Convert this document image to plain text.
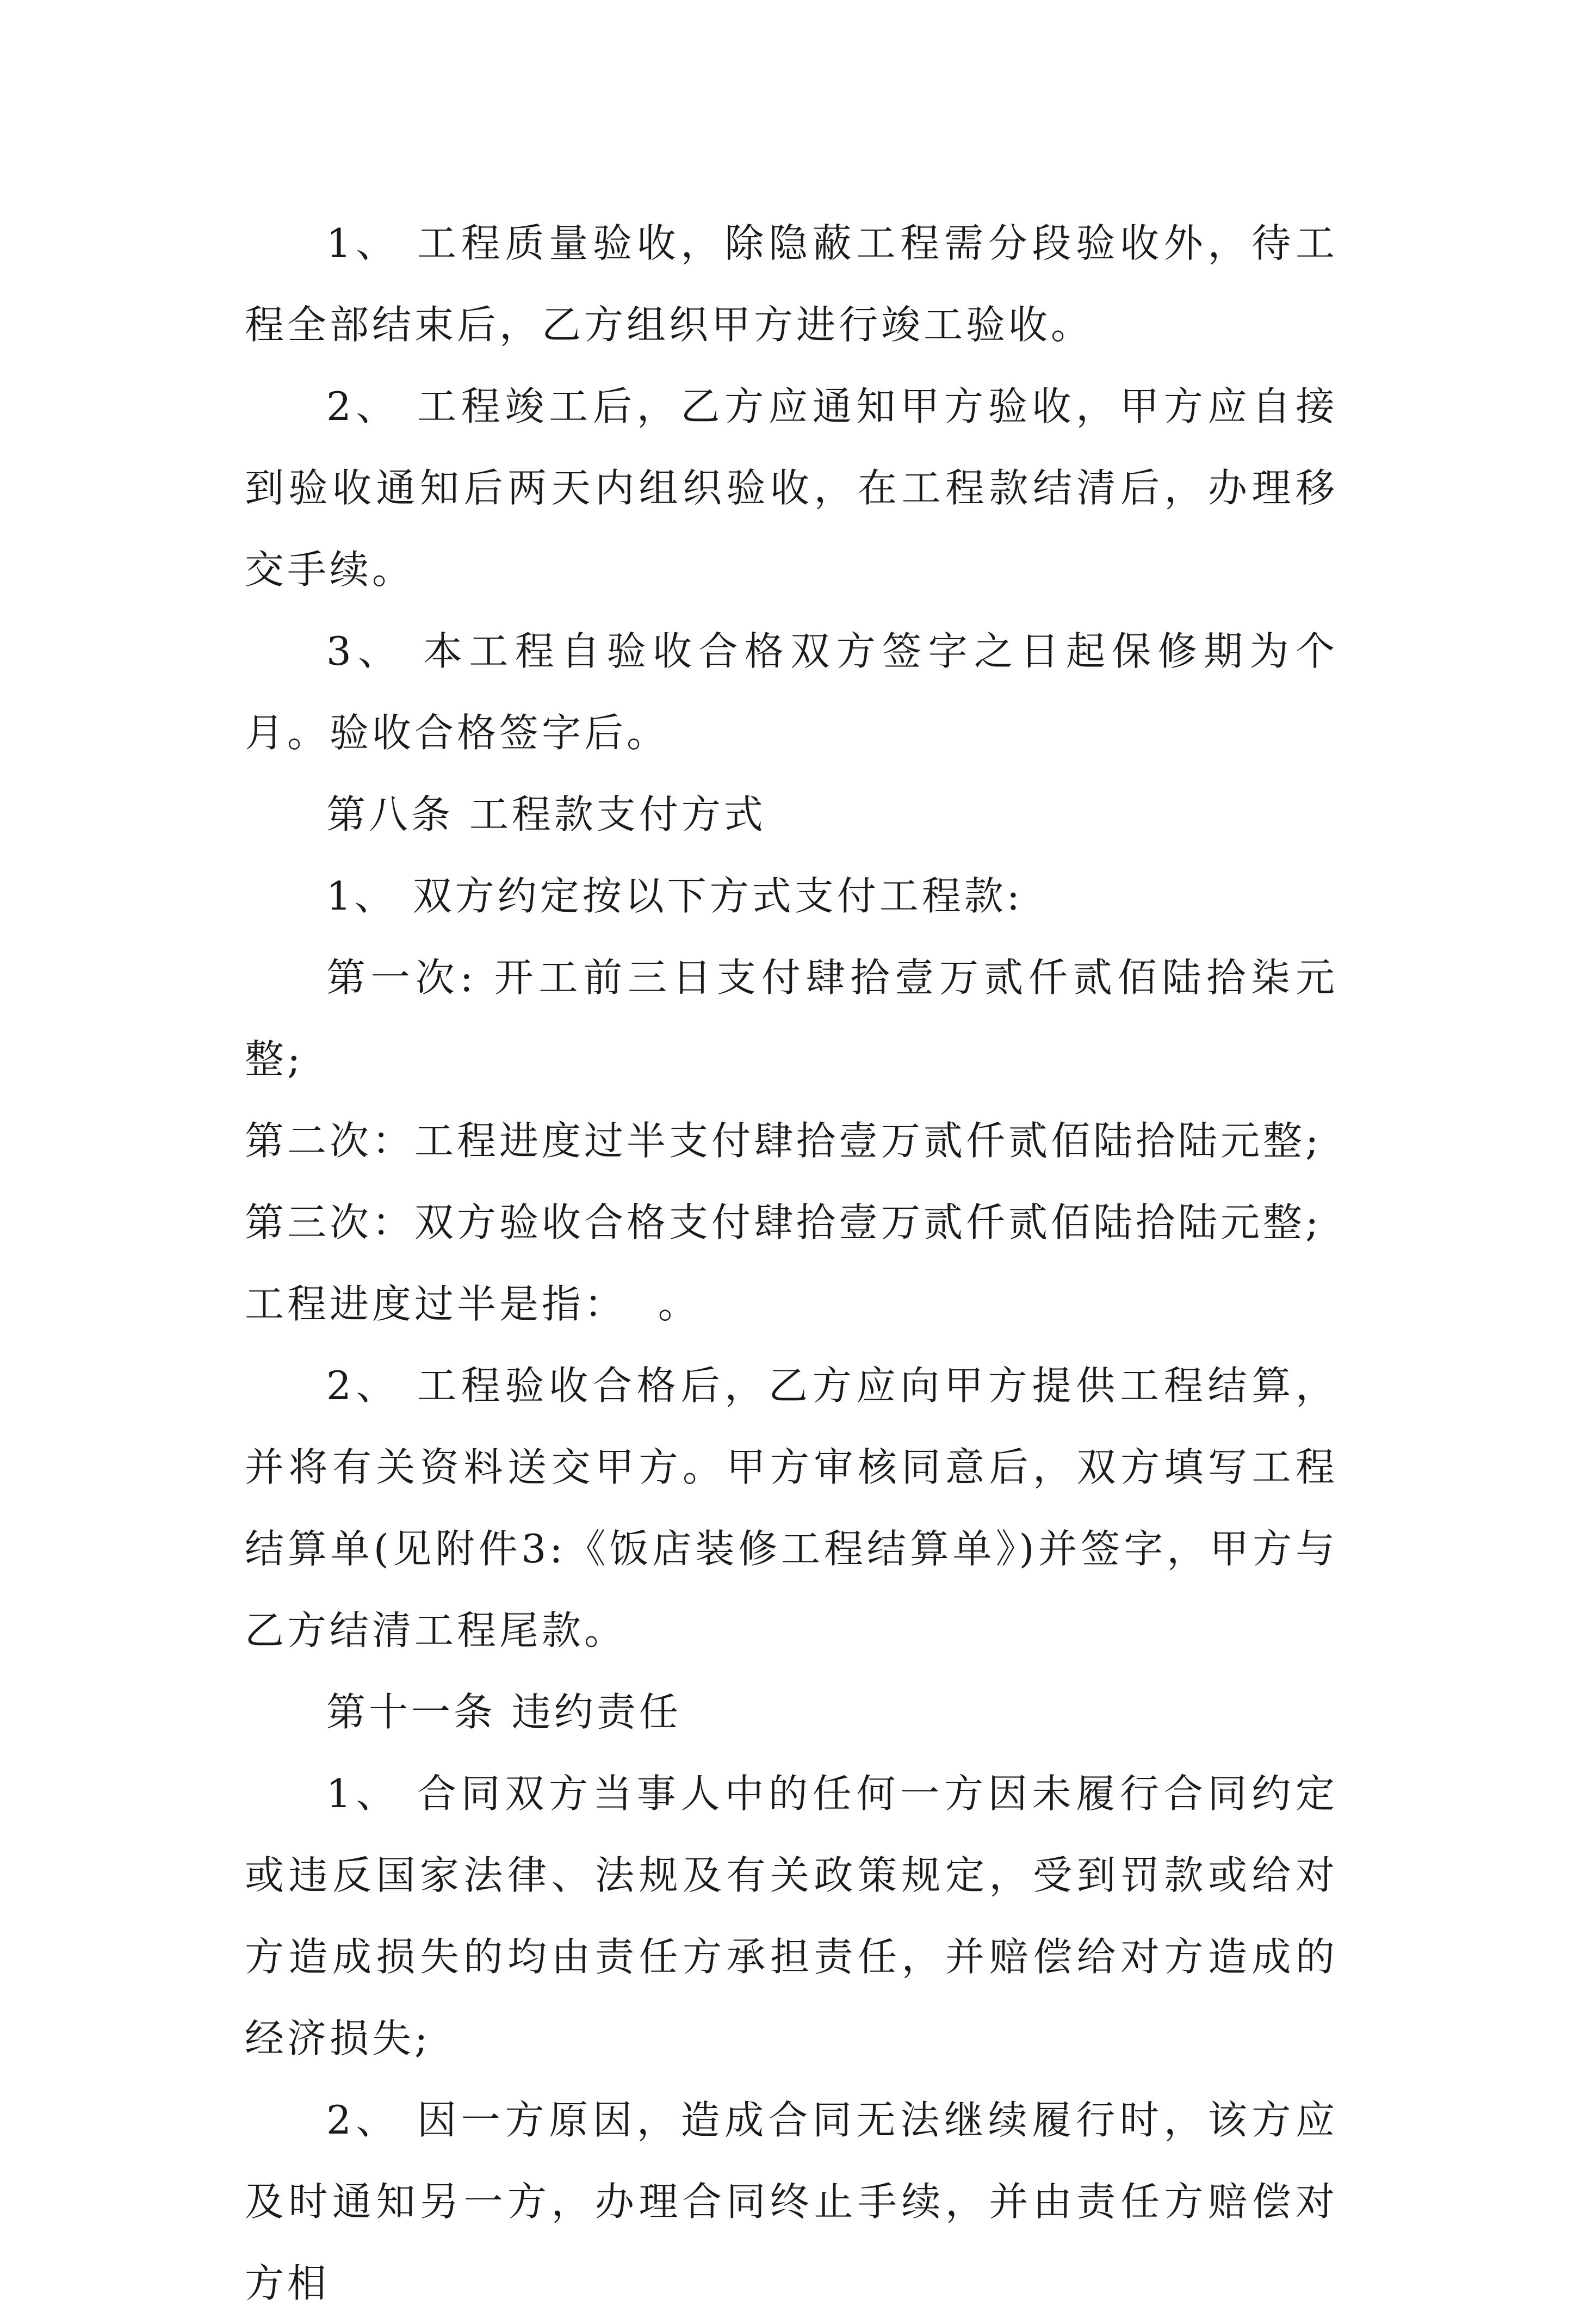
1、 工程质量验收，除隐蔽工程需分段验收外，待工程全部结束后，乙方组织甲方进行竣工验收。

2、 工程竣工后，乙方应通知甲方验收，甲方应自接到验收通知后两天内组织验收，在工程款结清后，办理移交手续。

3、 本工程自验收合格双方签字之日起保修期为个月。验收合格签字后。

第八条 工程款支付方式

1、 双方约定按以下方式支付工程款:

第一次: 开工前三日支付肆拾壹万贰仟贰佰陆拾柒元整;

第二次：工程进度过半支付肆拾壹万贰仟贰佰陆拾陆元整;

第三次：双方验收合格支付肆拾壹万贰仟贰佰陆拾陆元整;

工程进度过半是指：  。

2、 工程验收合格后，乙方应向甲方提供工程结算，并将有关资料送交甲方。甲方审核同意后，双方填写工程结算单(见附件3:《饭店装修工程结算单》)并签字，甲方与乙方结清工程尾款。

第十一条 违约责任

1、 合同双方当事人中的任何一方因未履行合同约定或违反国家法律、法规及有关政策规定，受到罚款或给对方造成损失的均由责任方承担责任，并赔偿给对方造成的经济损失;

2、 因一方原因，造成合同无法继续履行时，该方应及时通知另一方，办理合同终止手续，并由责任方赔偿对方相
